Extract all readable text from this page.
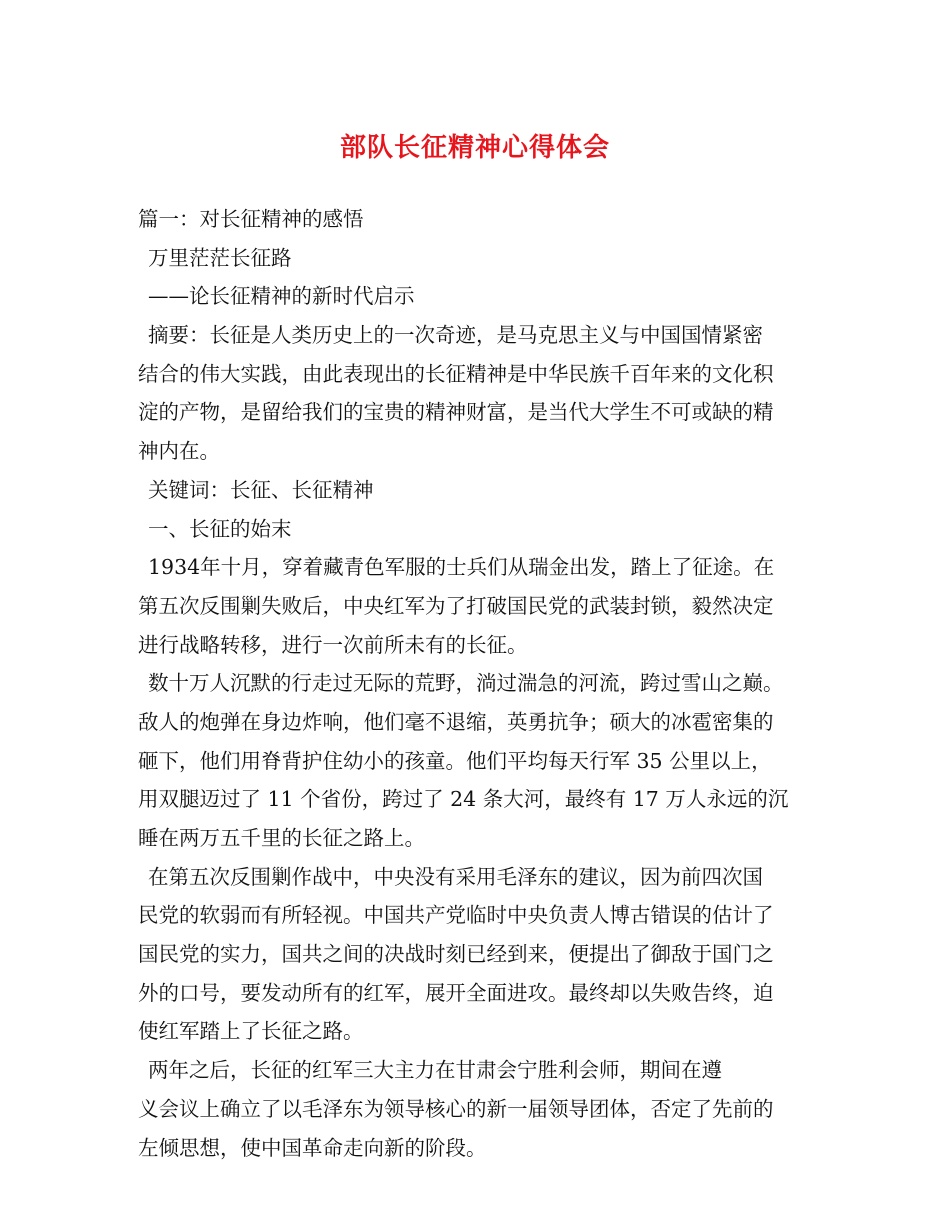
部队长征精神心得体会
篇一：对长征精神的感悟
万里茫茫长征路
——论长征精神的新时代启示
摘要：长征是人类历史上的一次奇迹，是马克思主义与中国国情紧密
结合的伟大实践，由此表现出的长征精神是中华民族千百年来的文化积
淀的产物，是留给我们的宝贵的精神财富，是当代大学生不可或缺的精
神内在。
关键词：长征、长征精神
一、长征的始末
1934年十月，穿着藏青色军服的士兵们从瑞金出发，踏上了征途。在
第五次反围剿失败后，中央红军为了打破国民党的武装封锁，毅然决定
进行战略转移，进行一次前所未有的长征。
数十万人沉默的行走过无际的荒野，淌过湍急的河流，跨过雪山之巅。
敌人的炮弹在身边炸响，他们毫不退缩，英勇抗争；硕大的冰雹密集的
砸下，他们用脊背护住幼小的孩童。他们平均每天行军 35 公里以上，
用双腿迈过了 11 个省份，跨过了 24 条大河，最终有 17 万人永远的沉
睡在两万五千里的长征之路上。
在第五次反围剿作战中，中央没有采用毛泽东的建议，因为前四次国
民党的软弱而有所轻视。中国共产党临时中央负责人博古错误的估计了
国民党的实力，国共之间的决战时刻已经到来，便提出了御敌于国门之
外的口号，要发动所有的红军，展开全面进攻。最终却以失败告终，迫
使红军踏上了长征之路。
两年之后，长征的红军三大主力在甘肃会宁胜利会师，期间在遵
义会议上确立了以毛泽东为领导核心的新一届领导团体，否定了先前的
左倾思想，使中国革命走向新的阶段。
